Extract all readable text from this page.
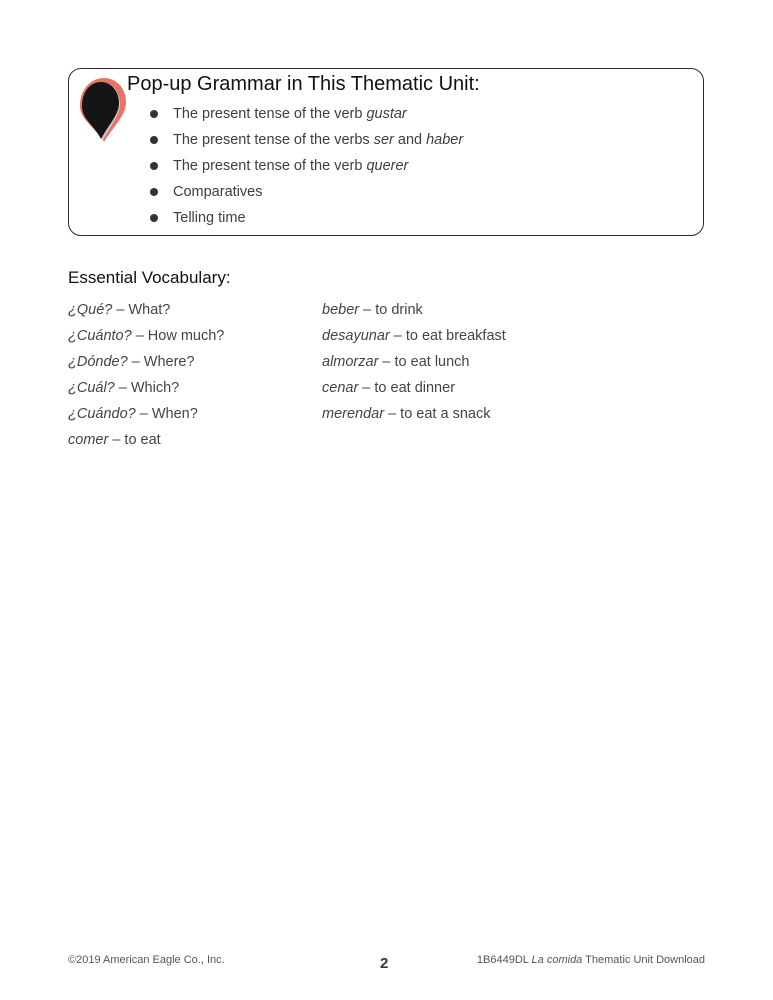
Pop-up Grammar in This Thematic Unit:
The present tense of the verb gustar
The present tense of the verbs ser and haber
The present tense of the verb querer
Comparatives
Telling time
Essential Vocabulary:
¿Qué? – What?
¿Cuánto? – How much?
¿Dónde? – Where?
¿Cuál? – Which?
¿Cuándo? – When?
comer – to eat
beber – to drink
desayunar – to eat breakfast
almorzar – to eat lunch
cenar – to eat dinner
merendar – to eat a snack
©2019 American Eagle Co., Inc.	2	1B6449DL La comida Thematic Unit Download
